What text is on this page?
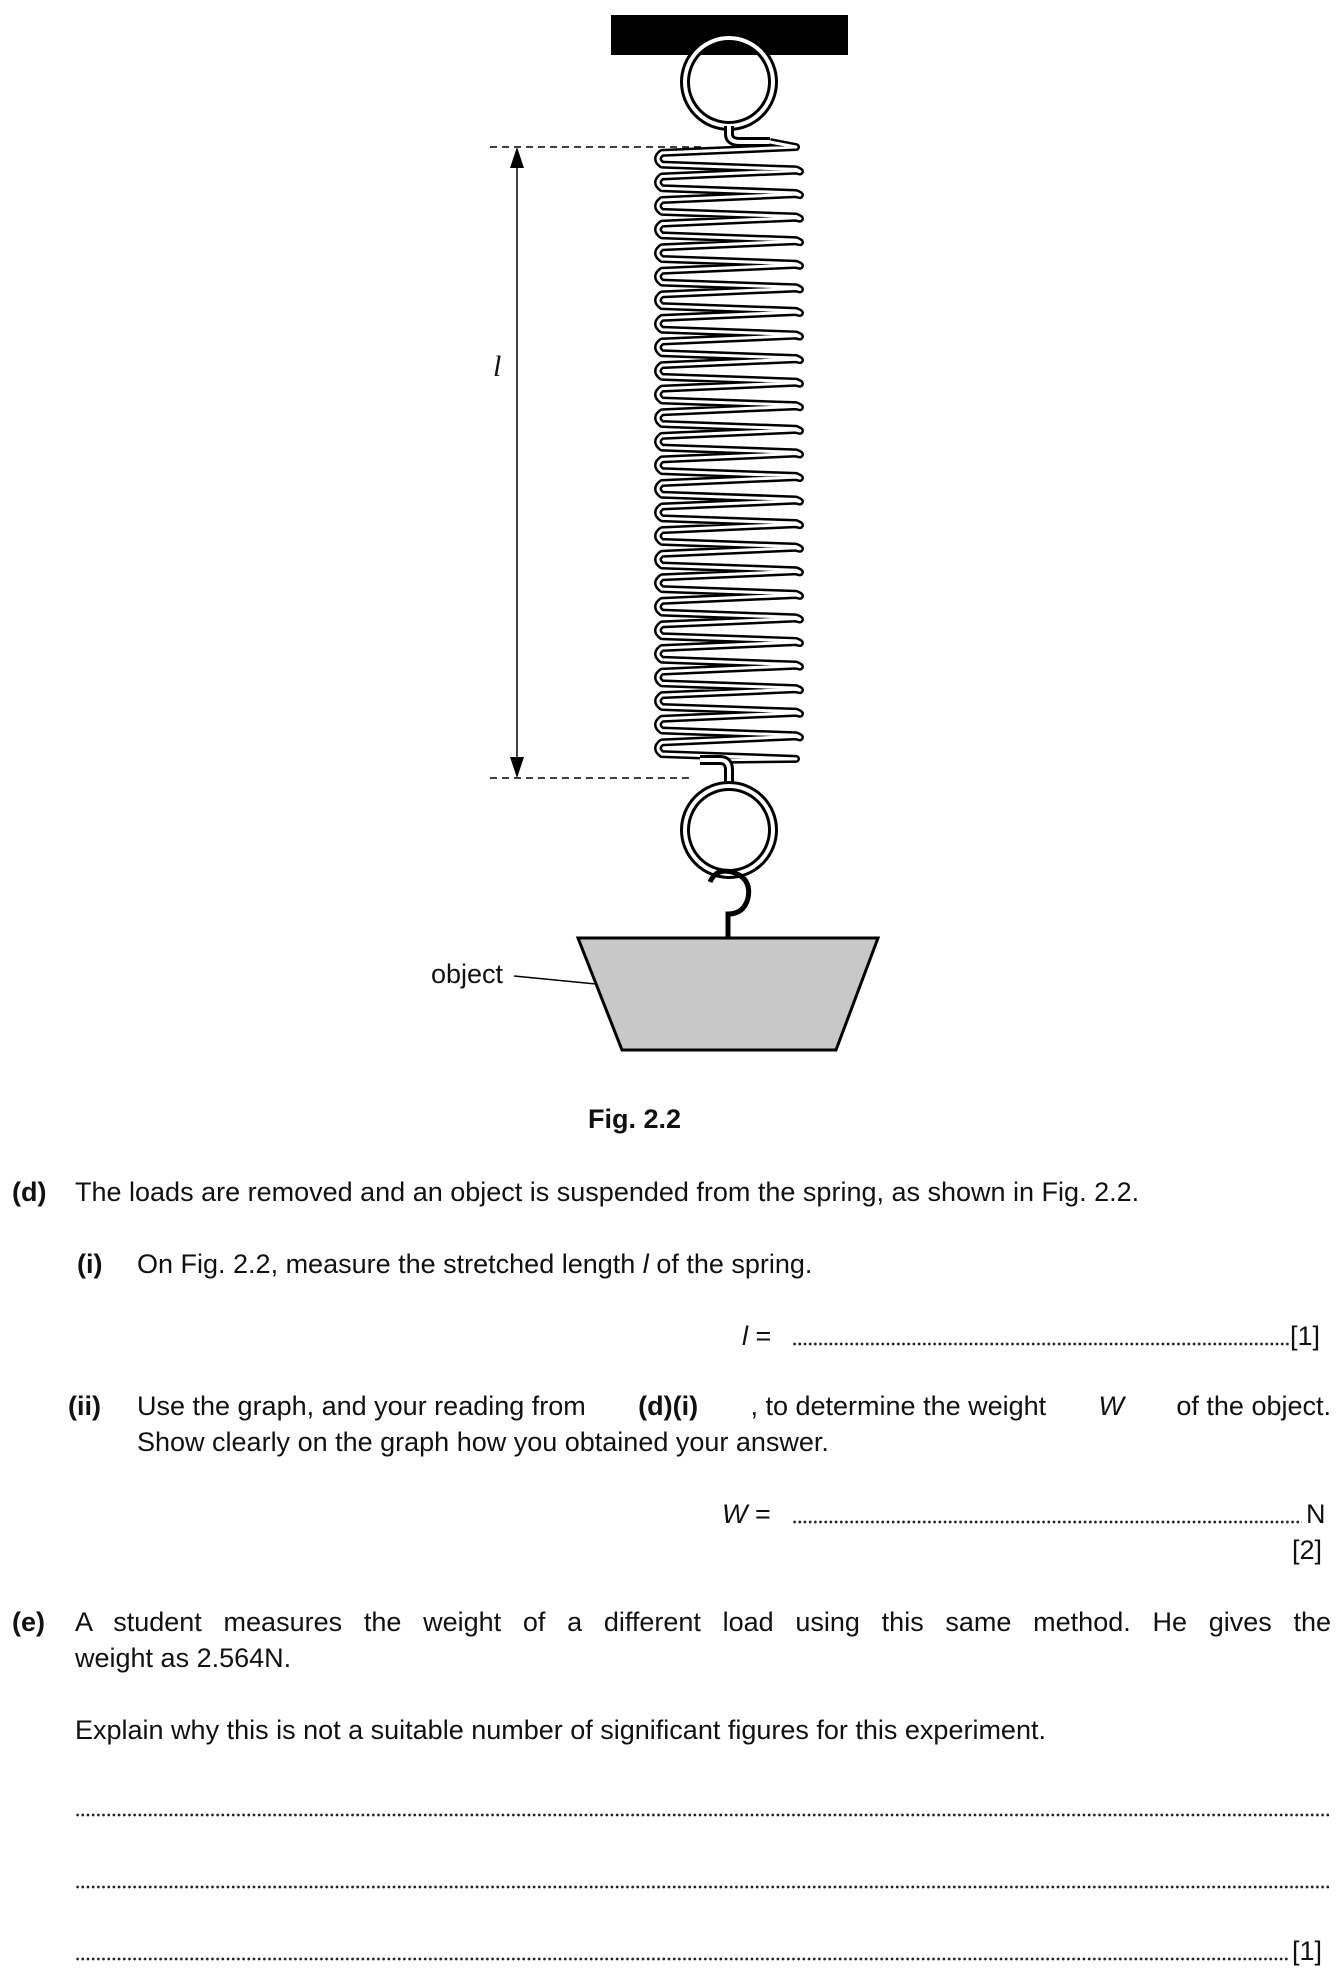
l
object
Fig. 2.2
(d) The loads are removed and an object is suspended from the spring, as shown in Fig. 2.2.
(i) On Fig. 2.2, measure the stretched length l of the spring.
l =	[1]
(ii) Use the graph, and your reading from (d)(i) , to determine the weight W of the object.
Show clearly on the graph how you obtained your answer.
W =	N
[2]
(e) A student measures the weight of a different load using this same method. He gives the
weight as 2.564N.
Explain why this is not a suitable number of significant figures for this experiment.
[1]
